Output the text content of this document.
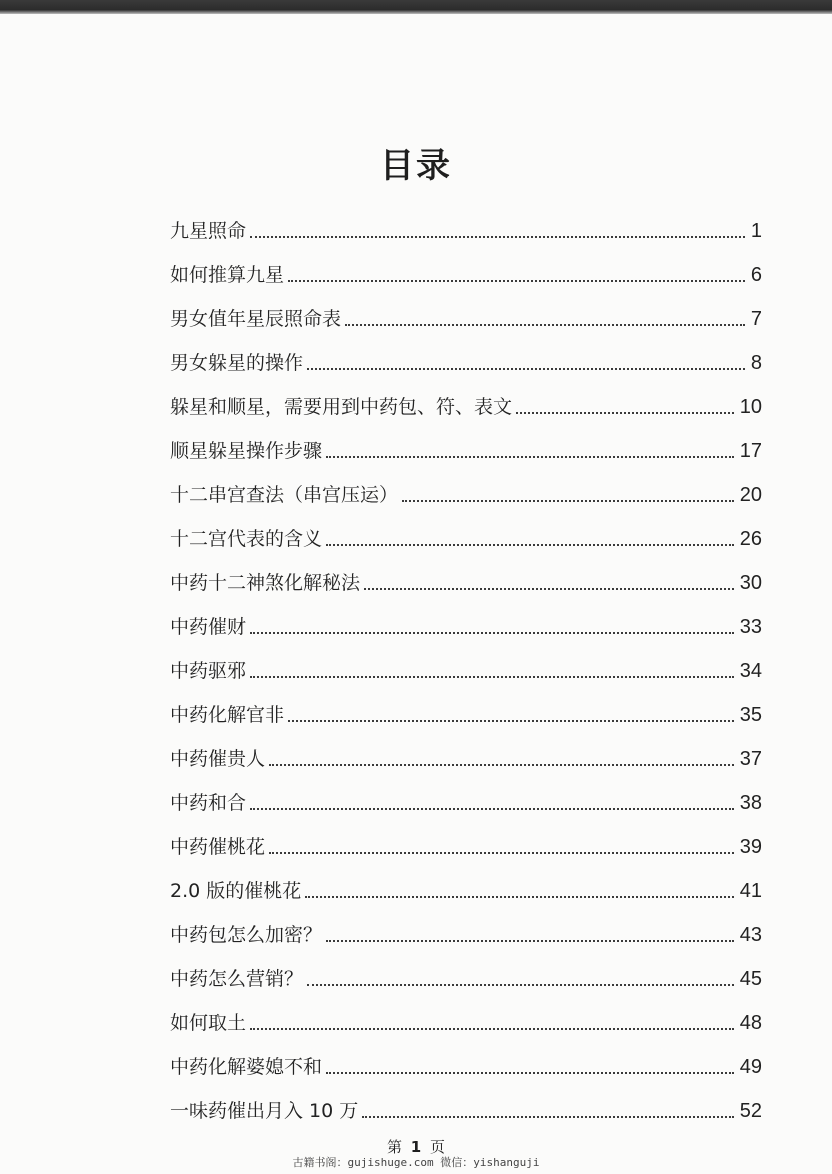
目录
九星照命	1
如何推算九星	6
男女值年星辰照命表	7
男女躲星的操作	8
躲星和顺星，需要用到中药包、符、表文	10
顺星躲星操作步骤	17
十二串宫查法（串宫压运）	20
十二宫代表的含义	26
中药十二神煞化解秘法	30
中药催财	33
中药驱邪	34
中药化解官非	35
中药催贵人	37
中药和合	38
中药催桃花	39
2.0 版的催桃花	41
中药包怎么加密？	43
中药怎么营销？	45
如何取土	48
中药化解婆媳不和	49
一味药催出月入 10 万	52
第 1 页
古籍书阁：gujishuge.com 微信：yishanguji
